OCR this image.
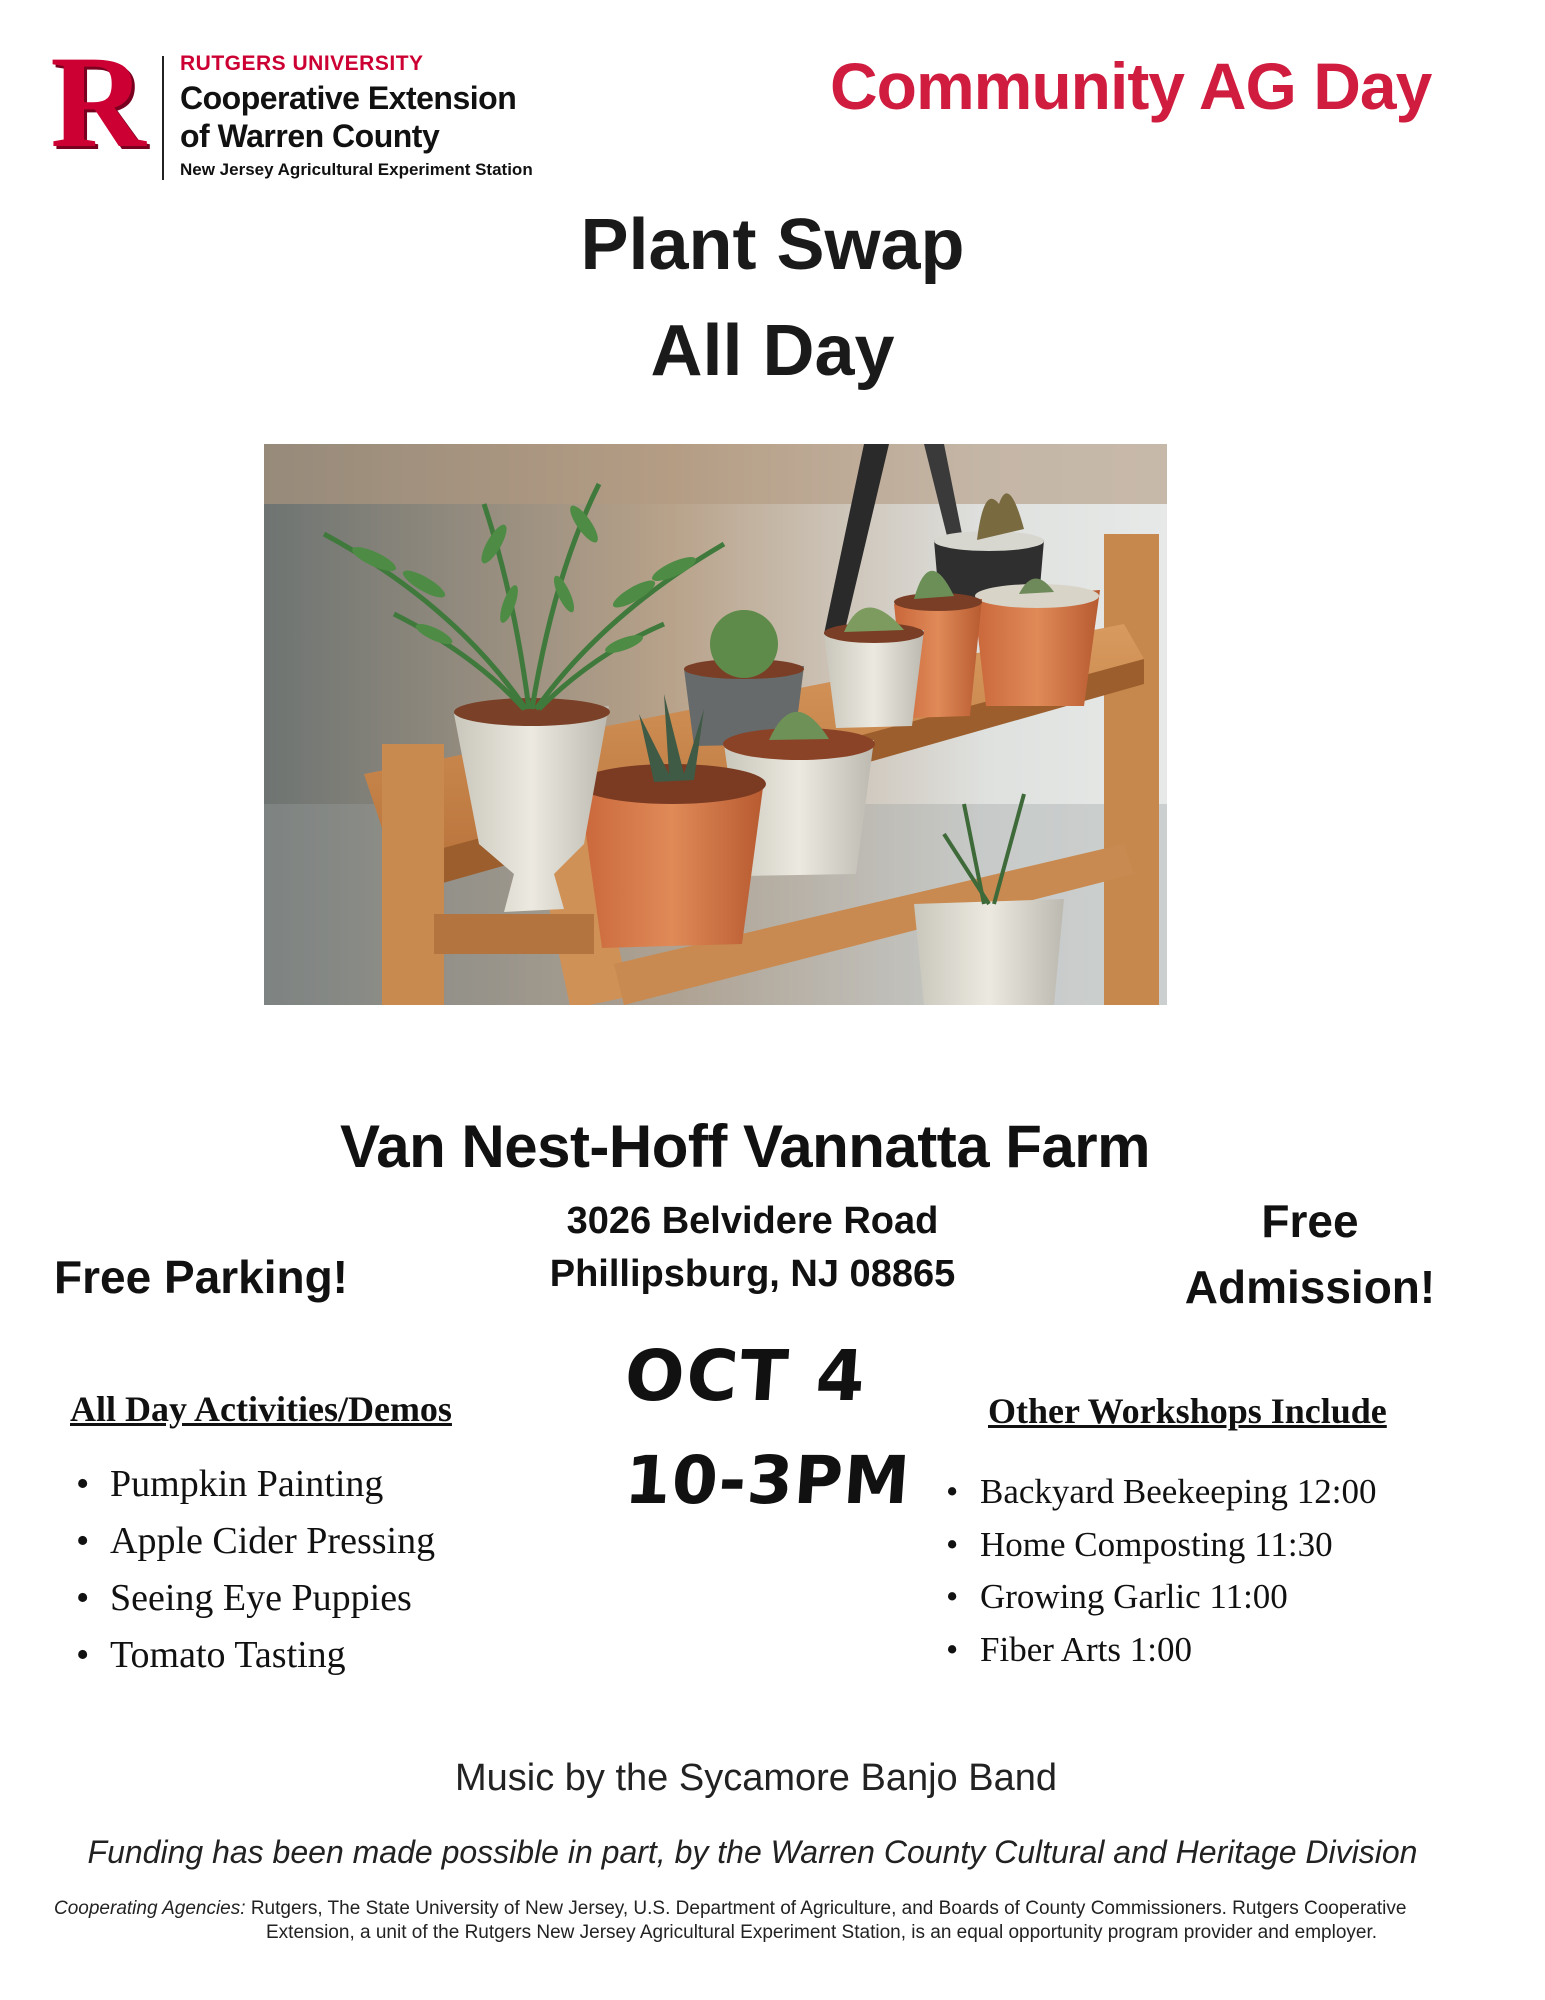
R	RUTGERS UNIVERSITY
Cooperative Extension
of Warren County
New Jersey Agricultural Experiment Station
Community AG Day
Plant Swap
All Day
Van Nest-Hoff Vannatta Farm
3026 Belvidere Road
Phillipsburg, NJ 08865
Free Parking!
Free
Admission!
OCT 4
10-3PM
All Day Activities/Demos
• Pumpkin Painting
• Apple Cider Pressing
• Seeing Eye Puppies
• Tomato Tasting
Other Workshops Include
• Backyard Beekeeping 12:00
• Home Composting 11:30
• Growing Garlic 11:00
• Fiber Arts 1:00
Music by the Sycamore Banjo Band
Funding has been made possible in part, by the Warren County Cultural and Heritage Division
Cooperating Agencies: Rutgers, The State University of New Jersey, U.S. Department of Agriculture, and Boards of County Commissioners. Rutgers Cooperative
Extension, a unit of the Rutgers New Jersey Agricultural Experiment Station, is an equal opportunity program provider and employer.
